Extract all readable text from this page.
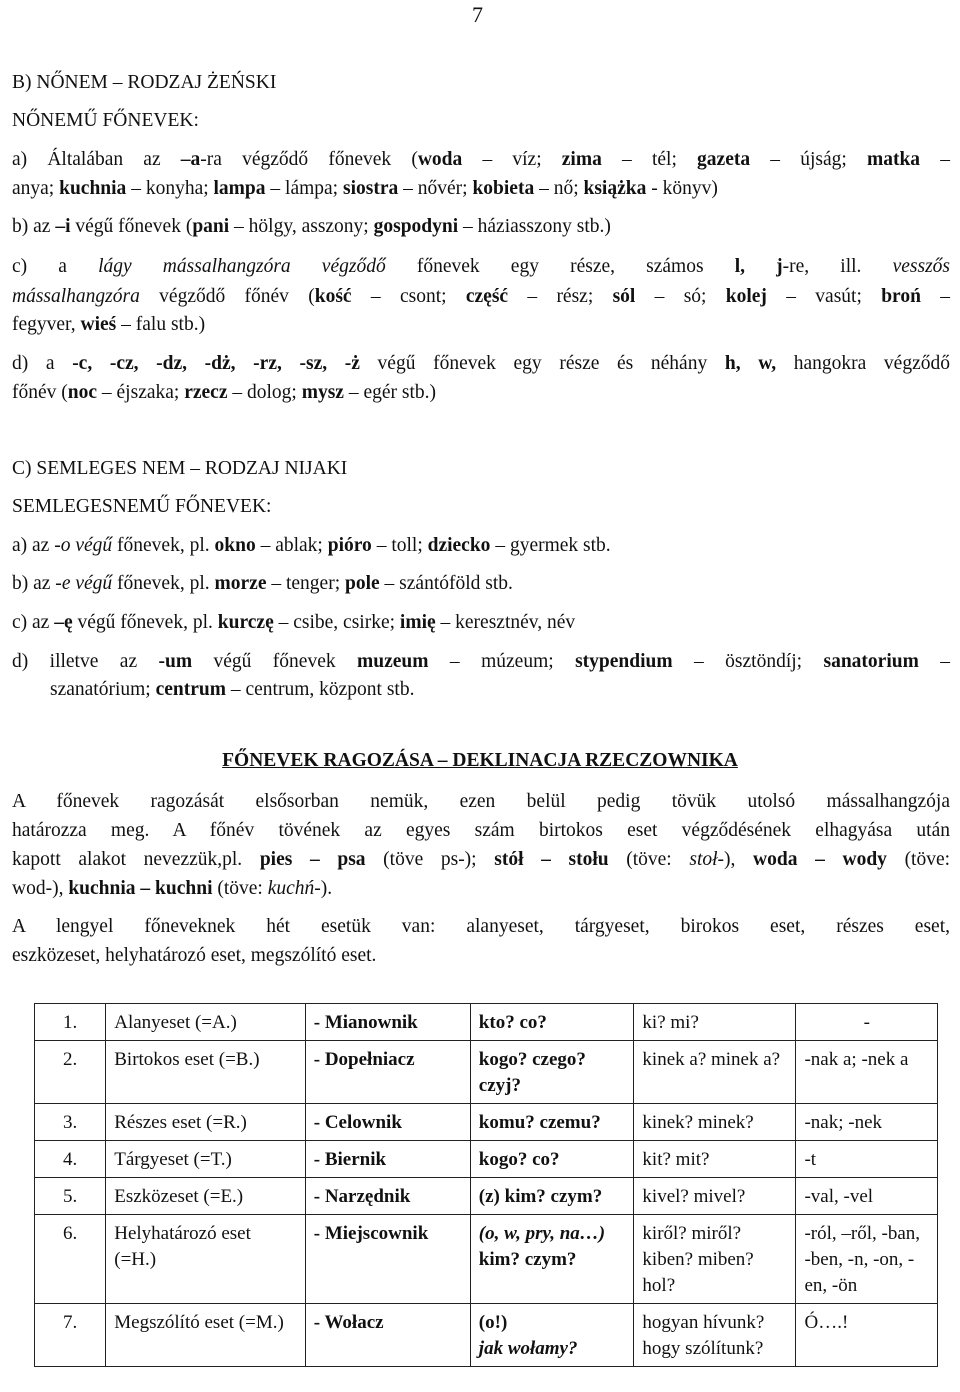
7
B) NŐNEM – RODZAJ ŻEŃSKI
NŐNEMŰ FŐNEVEK:
a) Általában az –a-ra végződő főnevek (woda – víz; zima – tél; gazeta – újság; matka –
anya; kuchnia – konyha; lampa – lámpa; siostra – nővér; kobieta – nő; książka - könyv)
b) az –i végű főnevek (pani – hölgy, asszony; gospodyni – háziasszony stb.)
c) a lágy mássalhangzóra végződő főnevek egy része, számos l, j-re, ill. vesszős
mássalhangzóra végződő főnév (kość – csont; część – rész; sól – só; kolej – vasút; broń –
fegyver, wieś – falu stb.)
d) a -c, -cz, -dz, -dż, -rz, -sz, -ż végű főnevek egy része és néhány h, w, hangokra végződő
főnév (noc – éjszaka; rzecz – dolog; mysz – egér stb.)
C) SEMLEGES NEM – RODZAJ NIJAKI
SEMLEGESNEMŰ FŐNEVEK:
a) az -o végű főnevek, pl. okno – ablak; pióro – toll; dziecko – gyermek stb.
b) az -e végű főnevek, pl. morze – tenger; pole – szántóföld stb.
c) az –ę végű főnevek, pl. kurczę – csibe, csirke; imię – keresztnév, név
d) illetve az -um végű főnevek muzeum – múzeum; stypendium – ösztöndíj; sanatorium –
szanatórium; centrum – centrum, központ stb.
FŐNEVEK RAGOZÁSA – DEKLINACJA RZECZOWNIKA
A főnevek ragozását elsősorban nemük, ezen belül pedig tövük utolsó mássalhangzója
határozza meg. A főnév tövének az egyes szám birtokos eset végződésének elhagyása után
kapott alakot nevezzük,pl. pies – psa (töve ps-); stół – stołu (töve: stoł-), woda – wody (töve:
wod-), kuchnia – kuchni (töve: kuchń-).
A lengyel főneveknek hét esetük van: alanyeset, tárgyeset, birokos eset, részes eset,
eszközeset, helyhatározó eset, megszólító eset.
1.	Alanyeset (=A.)	- Mianownik	kto? co?	ki? mi?	-
2.	Birtokos eset (=B.)	- Dopełniacz	kogo? czego? czyj?	kinek a? minek a?	-nak a; -nek a
3.	Részes eset (=R.)	- Celownik	komu? czemu?	kinek? minek?	-nak; -nek
4.	Tárgyeset (=T.)	- Biernik	kogo? co?	kit? mit?	-t
5.	Eszközeset (=E.)	- Narzędnik	(z) kim? czym?	kivel? mivel?	-val, -vel
6.	Helyhatározó eset (=H.)	- Miejscownik	(o, w, pry, na…)
kim? czym?	kiről? miről? kiben? miben? hol?	-ról, –ről, -ban, -ben, -n, -on, -en, -ön
7.	Megszólító eset (=M.)	- Wołacz	(o!)
jak wołamy?	hogyan hívunk? hogy szólítunk?	Ó….!
